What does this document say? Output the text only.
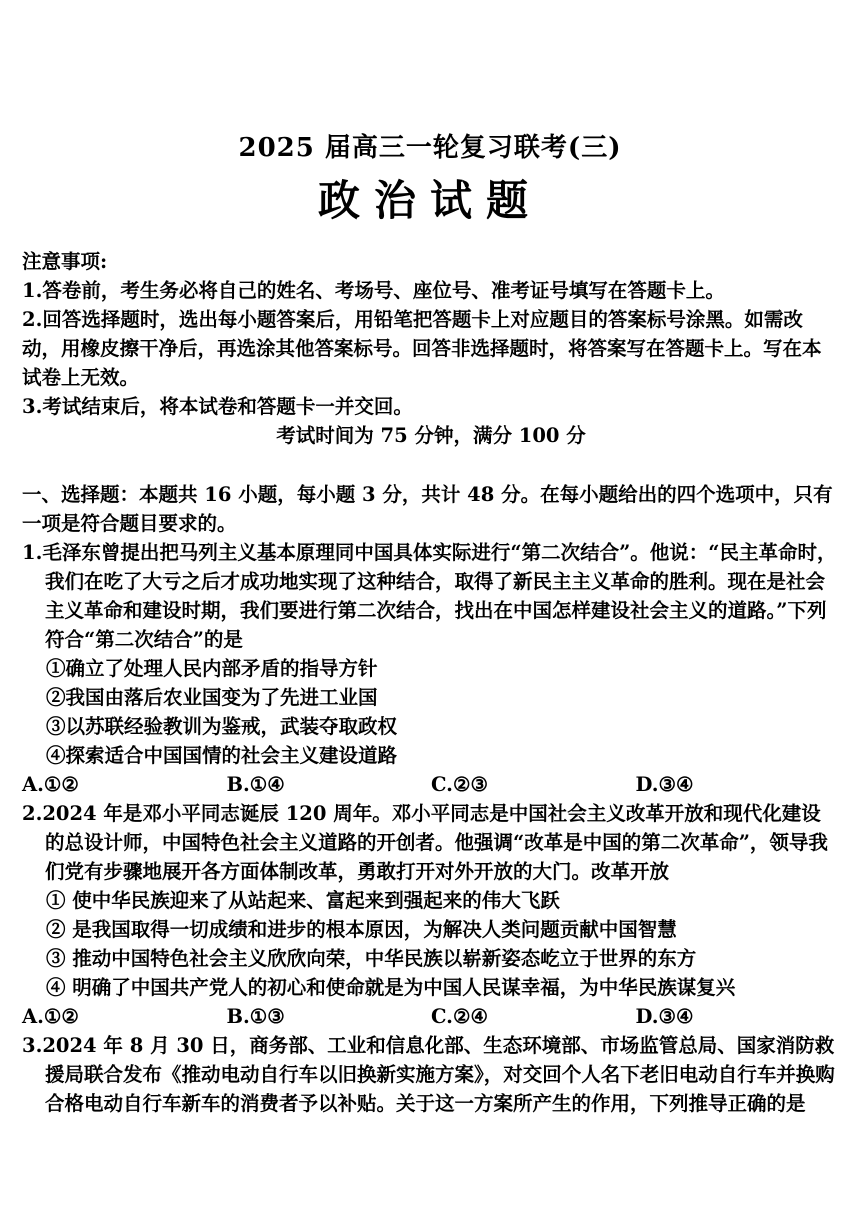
2025 届高三一轮复习联考(三)
政治试题

注意事项:

1.答卷前，考生务必将自己的姓名、考场号、座位号、准考证号填写在答题卡上。

2.回答选择题时，选出每小题答案后，用铅笔把答题卡上对应题目的答案标号涂黑。如需改动，用橡皮擦干净后，再选涂其他答案标号。回答非选择题时，将答案写在答题卡上。写在本试卷上无效。

3.考试结束后，将本试卷和答题卡一并交回。

考试时间为 75 分钟，满分 100 分

一、选择题：本题共 16 小题，每小题 3 分，共计 48 分。在每小题给出的四个选项中，只有一项是符合题目要求的。

1.毛泽东曾提出把马列主义基本原理同中国具体实际进行“第二次结合”。他说：“民主革命时，我们在吃了大亏之后才成功地实现了这种结合，取得了新民主主义革命的胜利。现在是社会主义革命和建设时期，我们要进行第二次结合，找出在中国怎样建设社会主义的道路。”下列符合“第二次结合”的是

①确立了处理人民内部矛盾的指导方针

②我国由落后农业国变为了先进工业国

③以苏联经验教训为鉴戒，武装夺取政权

④探索适合中国国情的社会主义建设道路

A.①②	B.①④	C.②③	D.③④

2.2024 年是邓小平同志诞辰 120 周年。邓小平同志是中国社会主义改革开放和现代化建设的总设计师，中国特色社会主义道路的开创者。他强调“改革是中国的第二次革命”，领导我们党有步骤地展开各方面体制改革，勇敢打开对外开放的大门。改革开放

① 使中华民族迎来了从站起来、富起来到强起来的伟大飞跃

② 是我国取得一切成绩和进步的根本原因，为解决人类问题贡献中国智慧

③ 推动中国特色社会主义欣欣向荣，中华民族以崭新姿态屹立于世界的东方

④ 明确了中国共产党人的初心和使命就是为中国人民谋幸福，为中华民族谋复兴

A.①②	B.①③	C.②④	D.③④

3.2024 年 8 月 30 日，商务部、工业和信息化部、生态环境部、市场监管总局、国家消防救援局联合发布《推动电动自行车以旧换新实施方案》，对交回个人名下老旧电动自行车并换购合格电动自行车新车的消费者予以补贴。关于这一方案所产生的作用，下列推导正确的是
